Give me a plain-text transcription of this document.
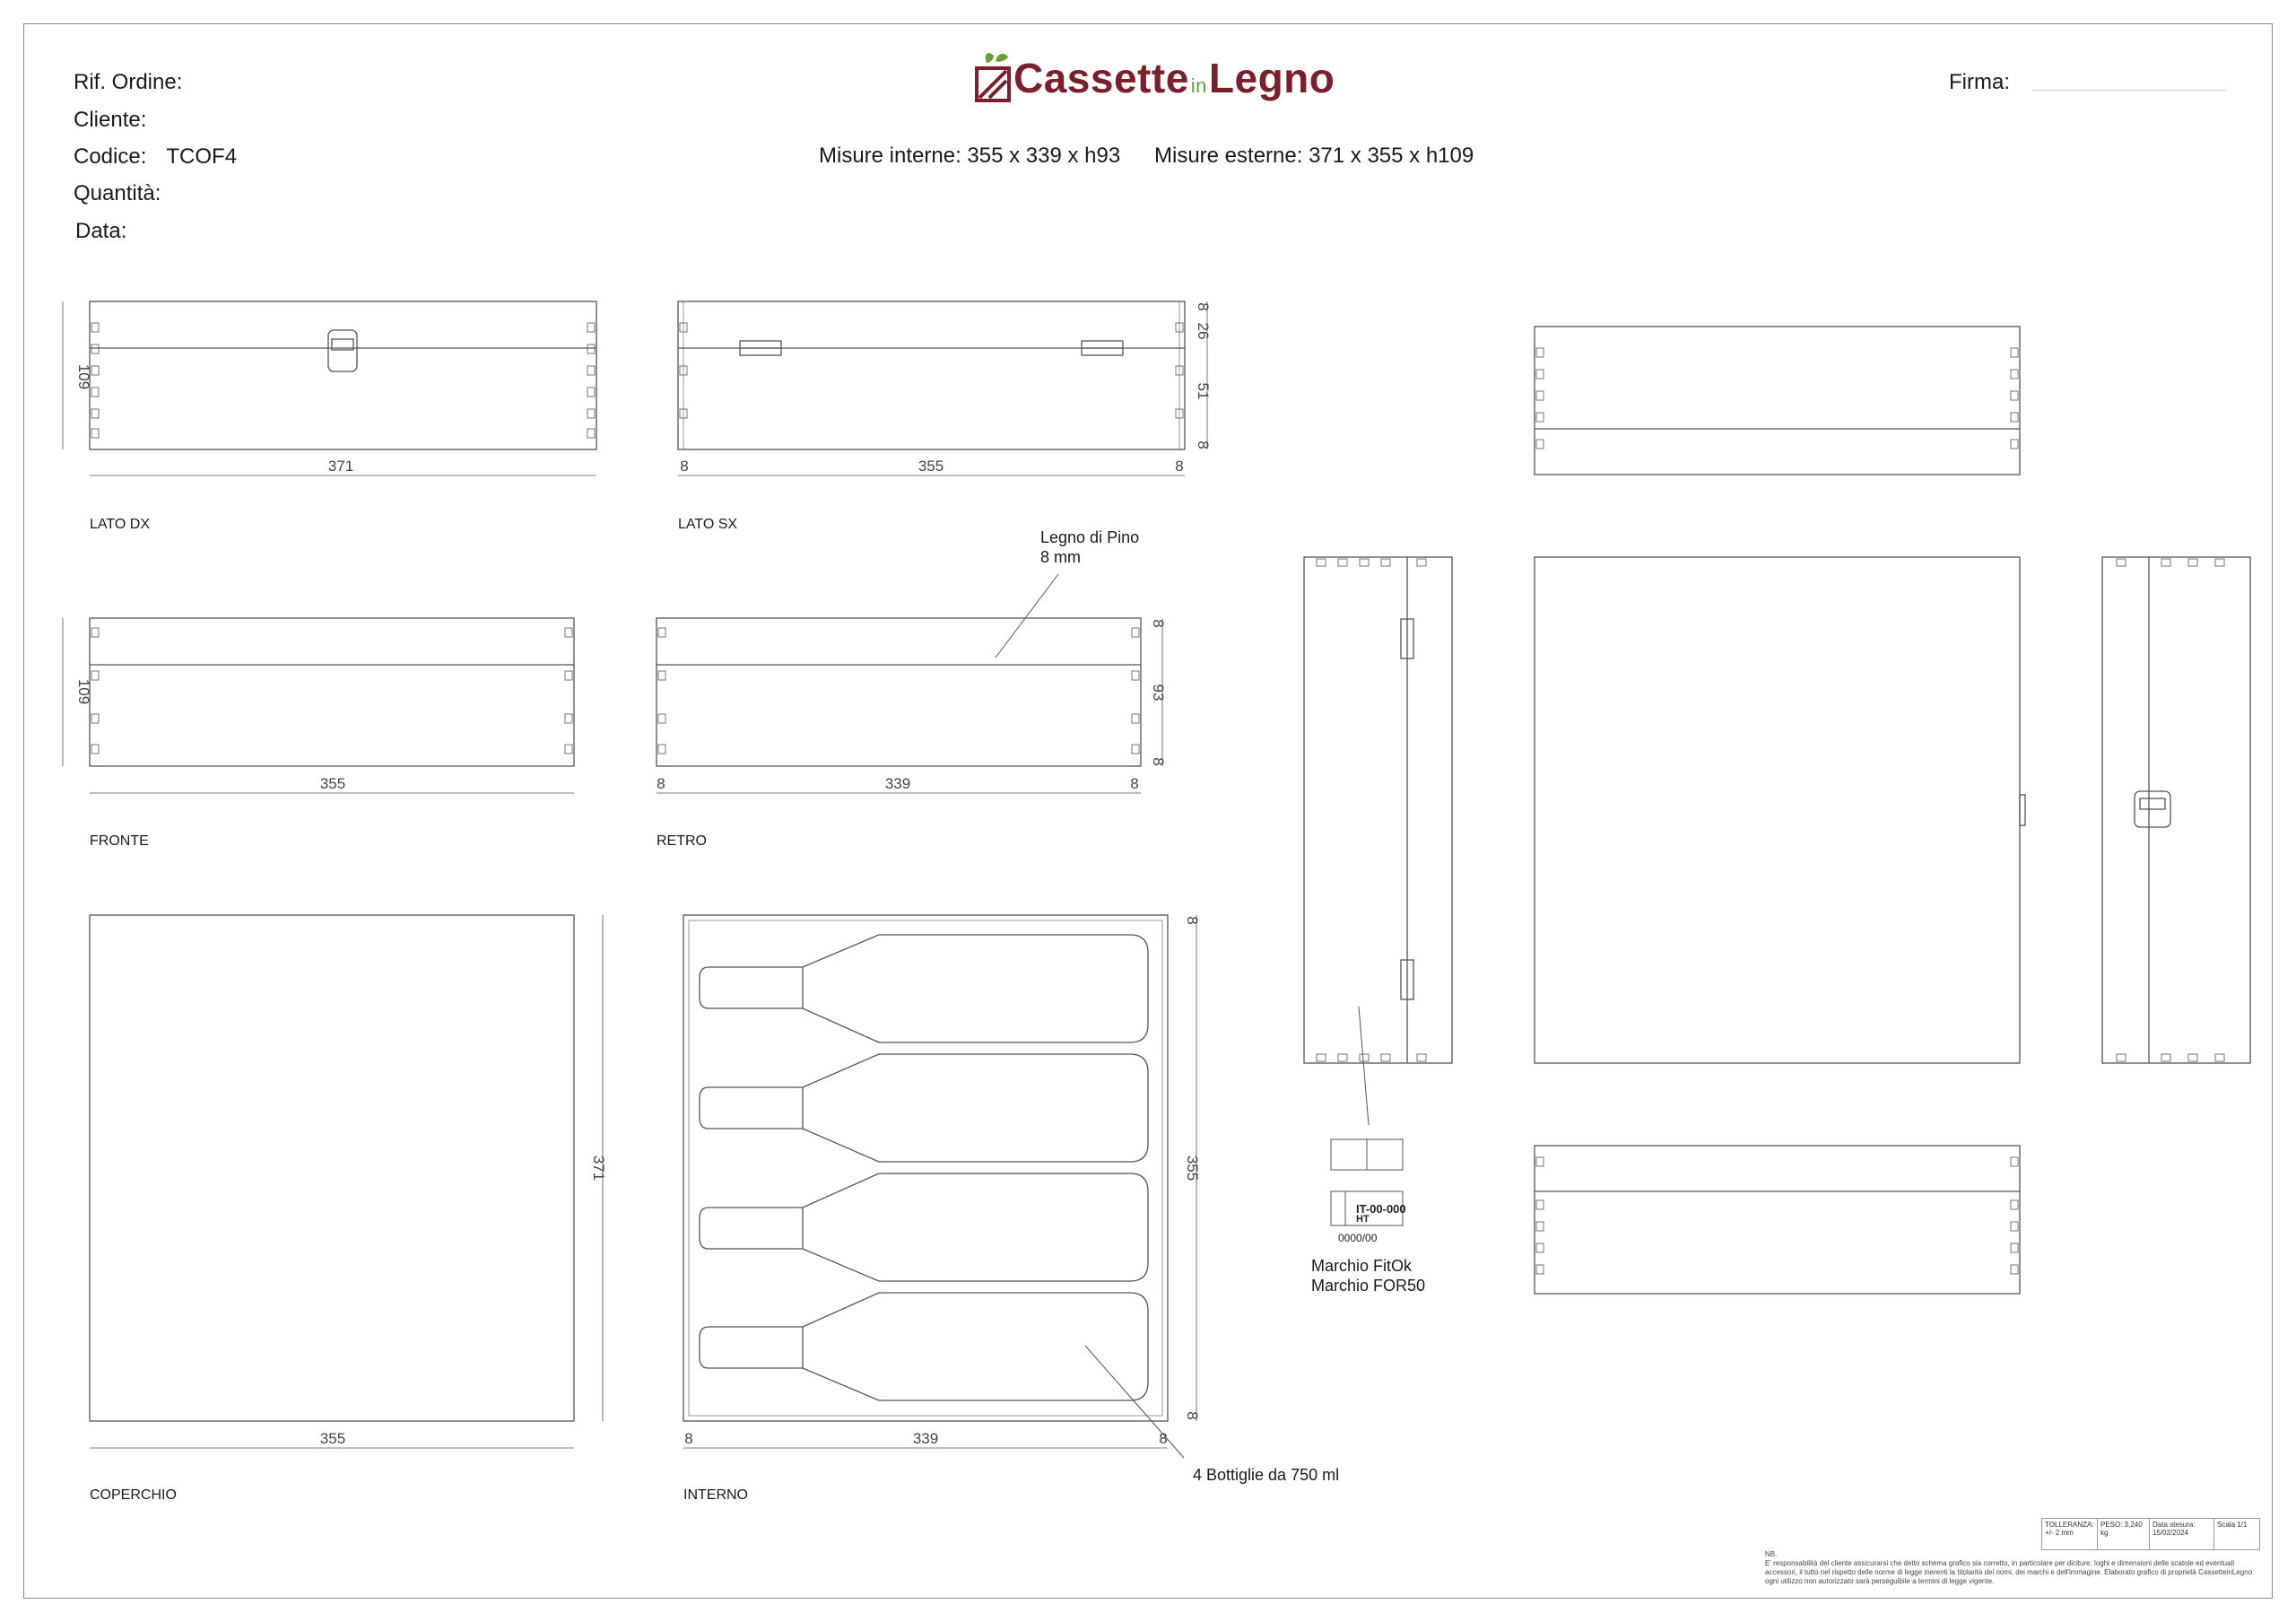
Rif. Ordine:
Cliente:
Codice: TCOF4
Quantità:
Data:
Firma:
CassetteinLegno
Misure interne: 355 x 339 x h93 Misure esterne: 371 x 355 x h109
371
109
8	355	8
8
26
51
8
355
109
8	339	8
8
93
8
355
371
8	339	8
8
355
8
IT-00-000
HT
0000/00
LATO DX	LATO SX
FRONTE	RETRO
COPERCHIO	INTERNO
Legno di Pino
8 mm
4 Bottiglie da 750 ml
Marchio FitOk
Marchio FOR50
TOLLERANZA: +/- 2 mm
PESO: 3,240 kg
Data stesura: 15/02/2024
Scala 1/1
NB.
E' responsabilità del cliente assicurarsi che detto schema grafico sia corretto, in particolare per diciture, loghi e dimensioni delle scatole ed eventuali accessori, il tutto nel rispetto delle norme di legge inerenti la titolarità dei nomi, dei marchi e dell'immagine. Elaborato grafico di proprietà CassetteinLegno ogni utilizzo non autorizzato sarà perseguibile a termini di legge vigente.
